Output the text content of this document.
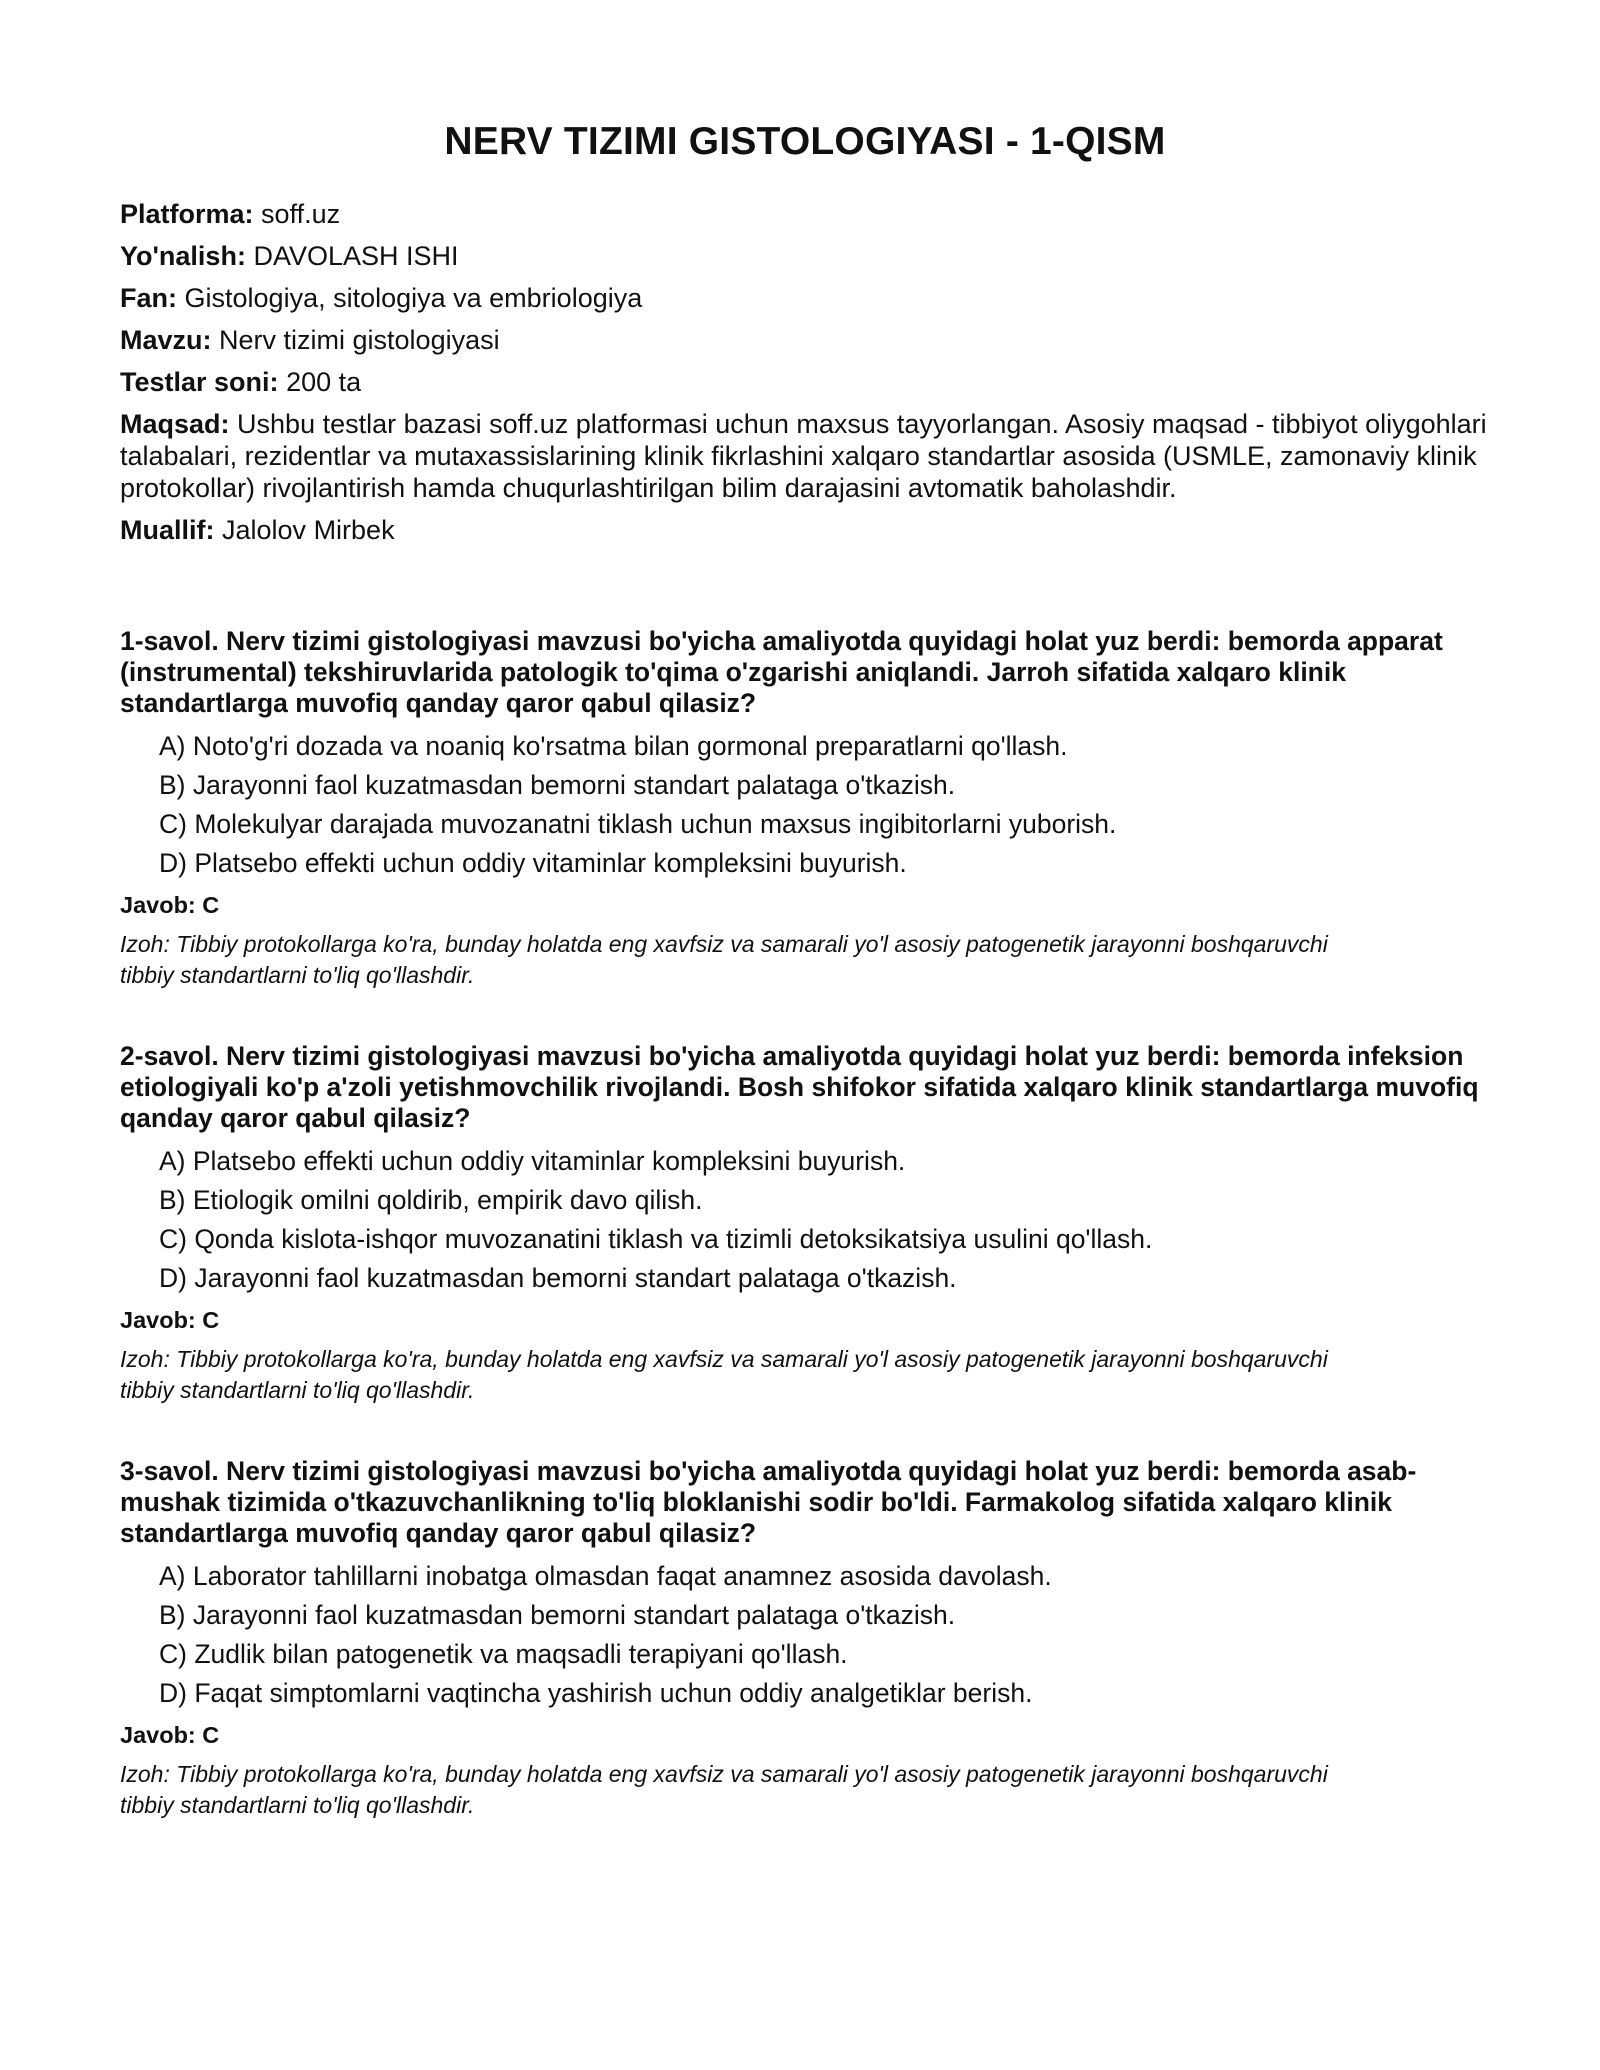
NERV TIZIMI GISTOLOGIYASI - 1-QISM

Platforma: soff.uz

Yo'nalish: DAVOLASH ISHI

Fan: Gistologiya, sitologiya va embriologiya

Mavzu: Nerv tizimi gistologiyasi

Testlar soni: 200 ta

Maqsad: Ushbu testlar bazasi soff.uz platformasi uchun maxsus tayyorlangan. Asosiy maqsad - tibbiyot oliygohlari talabalari, rezidentlar va mutaxassislarining klinik fikrlashini xalqaro standartlar asosida (USMLE, zamonaviy klinik protokollar) rivojlantirish hamda chuqurlashtirilgan bilim darajasini avtomatik baholashdir.

Muallif: Jalolov Mirbek

1-savol. Nerv tizimi gistologiyasi mavzusi bo'yicha amaliyotda quyidagi holat yuz berdi: bemorda apparat (instrumental) tekshiruvlarida patologik to'qima o'zgarishi aniqlandi. Jarroh sifatida xalqaro klinik standartlarga muvofiq qanday qaror qabul qilasiz?

A) Noto'g'ri dozada va noaniq ko'rsatma bilan gormonal preparatlarni qo'llash.
B) Jarayonni faol kuzatmasdan bemorni standart palataga o'tkazish.
C) Molekulyar darajada muvozanatni tiklash uchun maxsus ingibitorlarni yuborish.
D) Platsebo effekti uchun oddiy vitaminlar kompleksini buyurish.

Javob: C

Izoh: Tibbiy protokollarga ko'ra, bunday holatda eng xavfsiz va samarali yo'l asosiy patogenetik jarayonni boshqaruvchi tibbiy standartlarni to'liq qo'llashdir.

2-savol. Nerv tizimi gistologiyasi mavzusi bo'yicha amaliyotda quyidagi holat yuz berdi: bemorda infeksion etiologiyali ko'p a'zoli yetishmovchilik rivojlandi. Bosh shifokor sifatida xalqaro klinik standartlarga muvofiq qanday qaror qabul qilasiz?

A) Platsebo effekti uchun oddiy vitaminlar kompleksini buyurish.
B) Etiologik omilni qoldirib, empirik davo qilish.
C) Qonda kislota-ishqor muvozanatini tiklash va tizimli detoksikatsiya usulini qo'llash.
D) Jarayonni faol kuzatmasdan bemorni standart palataga o'tkazish.

Javob: C

Izoh: Tibbiy protokollarga ko'ra, bunday holatda eng xavfsiz va samarali yo'l asosiy patogenetik jarayonni boshqaruvchi tibbiy standartlarni to'liq qo'llashdir.

3-savol. Nerv tizimi gistologiyasi mavzusi bo'yicha amaliyotda quyidagi holat yuz berdi: bemorda asab-mushak tizimida o'tkazuvchanlikning to'liq bloklanishi sodir bo'ldi. Farmakolog sifatida xalqaro klinik standartlarga muvofiq qanday qaror qabul qilasiz?

A) Laborator tahlillarni inobatga olmasdan faqat anamnez asosida davolash.
B) Jarayonni faol kuzatmasdan bemorni standart palataga o'tkazish.
C) Zudlik bilan patogenetik va maqsadli terapiyani qo'llash.
D) Faqat simptomlarni vaqtincha yashirish uchun oddiy analgetiklar berish.

Javob: C

Izoh: Tibbiy protokollarga ko'ra, bunday holatda eng xavfsiz va samarali yo'l asosiy patogenetik jarayonni boshqaruvchi tibbiy standartlarni to'liq qo'llashdir.
